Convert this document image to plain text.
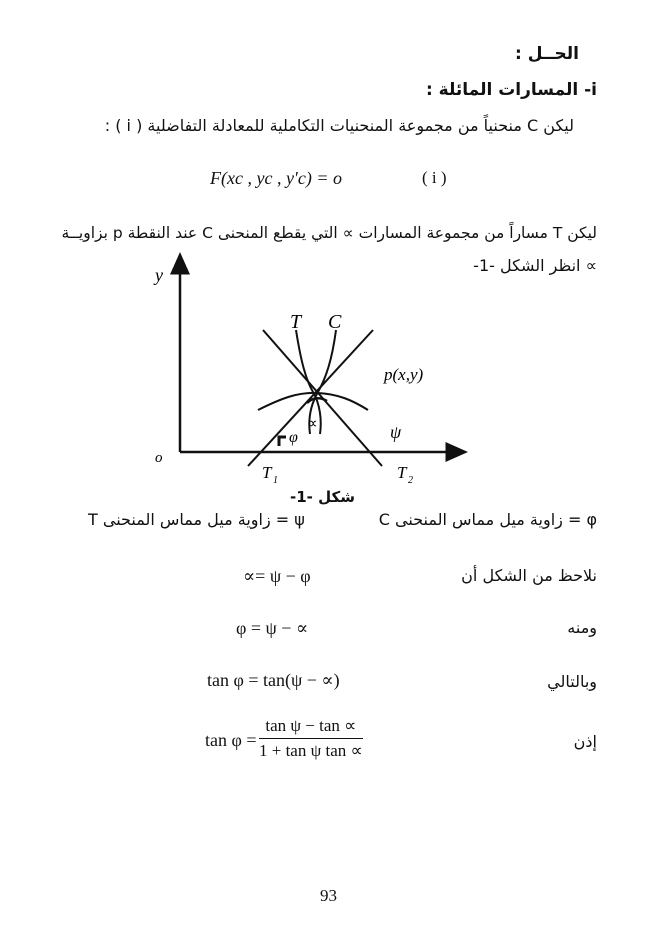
الحــل :
i- المسارات المائلة :
ليكن C منحنياً من مجموعة المنحنيات التكاملية للمعادلة التفاضلية ( i ) :
F(xc , yc , y′c) = o	( i )
ليكن T مساراً من مجموعة المسارات ∝ التي يقطع المنحنى C عند النقطة p بزاويــة
∝ انظر الشكل -1-
y
o
T C
p(x,y)
∝
φ	ψ
T 1	T 2
شكل -1-
φ = زاوية ميل مماس المنحنى C
ψ = زاوية ميل مماس المنحنى T
نلاحظ من الشكل أن
∝= ψ − φ
ومنه
φ = ψ − ∝
وبالتالي
tan φ = tan(ψ − ∝)
إذن
$\tan \varphi = \frac{\text{tan ψ − tan ∝}}{\text{1 + tan ψ tan ∝}}$
93
